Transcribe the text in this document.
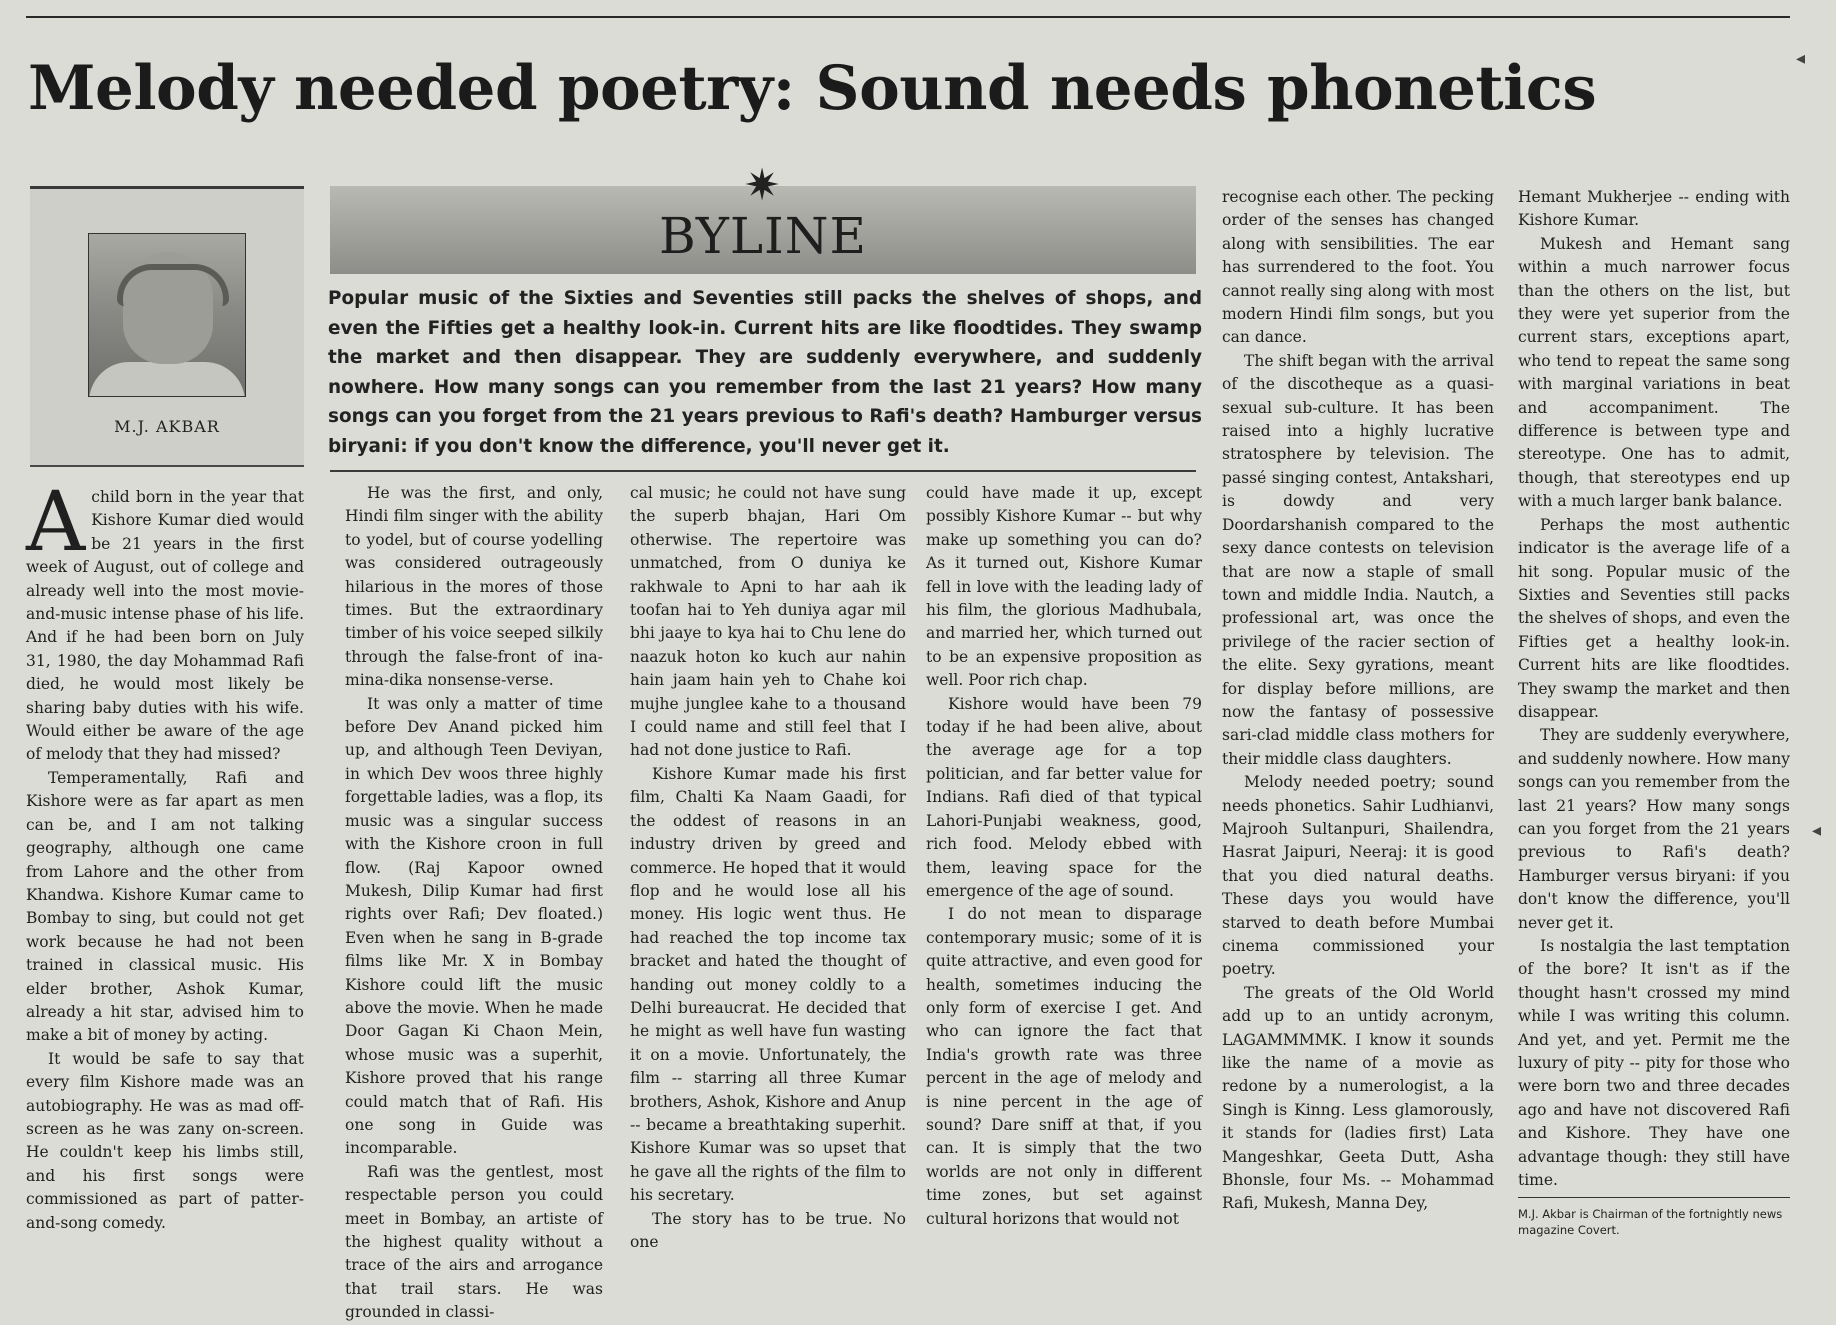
Melody needed poetry: Sound needs phonetics
M.J. AKBAR
✷
BYLINE
Popular music of the Sixties and Seventies still packs the shelves of shops, and even the Fifties get a healthy look-in. Current hits are like floodtides. They swamp the market and then disappear. They are suddenly everywhere, and suddenly nowhere. How many songs can you remember from the last 21 years? How many songs can you forget from the 21 years previous to Rafi's death? Hamburger versus biryani: if you don't know the difference, you'll never get it.

Achild born in the year that Kishore Kumar died would be 21 years in the first week of August, out of college and already well into the most movie-and-music intense phase of his life. And if he had been born on July 31, 1980, the day Mohammad Rafi died, he would most likely be sharing baby duties with his wife. Would either be aware of the age of melody that they had missed?

Temperamentally, Rafi and Kishore were as far apart as men can be, and I am not talking geography, although one came from Lahore and the other from Khandwa. Kishore Kumar came to Bombay to sing, but could not get work because he had not been trained in classical music. His elder brother, Ashok Kumar, already a hit star, advised him to make a bit of money by acting.

It would be safe to say that every film Kishore made was an autobiography. He was as mad off-screen as he was zany on-screen. He couldn't keep his limbs still, and his first songs were commissioned as part of patter-and-song comedy.

He was the first, and only, Hindi film singer with the ability to yodel, but of course yodelling was considered outrageously hilarious in the mores of those times. But the extraordinary timber of his voice seeped silkily through the false-front of ina-mina-dika nonsense-verse.

It was only a matter of time before Dev Anand picked him up, and although Teen Deviyan, in which Dev woos three highly forgettable ladies, was a flop, its music was a singular success with the Kishore croon in full flow. (Raj Kapoor owned Mukesh, Dilip Kumar had first rights over Rafi; Dev floated.) Even when he sang in B-grade films like Mr. X in Bombay Kishore could lift the music above the movie. When he made Door Gagan Ki Chaon Mein, whose music was a superhit, Kishore proved that his range could match that of Rafi. His one song in Guide was incomparable.

Rafi was the gentlest, most respectable person you could meet in Bombay, an artiste of the highest quality without a trace of the airs and arrogance that trail stars. He was grounded in classi-

cal music; he could not have sung the superb bhajan, Hari Om otherwise. The repertoire was unmatched, from O duniya ke rakhwale to Apni to har aah ik toofan hai to Yeh duniya agar mil bhi jaaye to kya hai to Chu lene do naazuk hoton ko kuch aur nahin hain jaam hain yeh to Chahe koi mujhe junglee kahe to a thousand I could name and still feel that I had not done justice to Rafi.

Kishore Kumar made his first film, Chalti Ka Naam Gaadi, for the oddest of reasons in an industry driven by greed and commerce. He hoped that it would flop and he would lose all his money. His logic went thus. He had reached the top income tax bracket and hated the thought of handing out money coldly to a Delhi bureaucrat. He decided that he might as well have fun wasting it on a movie. Unfortunately, the film -- starring all three Kumar brothers, Ashok, Kishore and Anup -- became a breathtaking superhit. Kishore Kumar was so upset that he gave all the rights of the film to his secretary.

The story has to be true. No one

could have made it up, except possibly Kishore Kumar -- but why make up something you can do? As it turned out, Kishore Kumar fell in love with the leading lady of his film, the glorious Madhubala, and married her, which turned out to be an expensive proposition as well. Poor rich chap.

Kishore would have been 79 today if he had been alive, about the average age for a top politician, and far better value for Indians. Rafi died of that typical Lahori-Punjabi weakness, good, rich food. Melody ebbed with them, leaving space for the emergence of the age of sound.

I do not mean to disparage contemporary music; some of it is quite attractive, and even good for health, sometimes inducing the only form of exercise I get. And who can ignore the fact that India's growth rate was three percent in the age of melody and is nine percent in the age of sound? Dare sniff at that, if you can. It is simply that the two worlds are not only in different time zones, but set against cultural horizons that would not

recognise each other. The pecking order of the senses has changed along with sensibilities. The ear has surrendered to the foot. You cannot really sing along with most modern Hindi film songs, but you can dance.

The shift began with the arrival of the discotheque as a quasi-sexual sub-culture. It has been raised into a highly lucrative stratosphere by television. The passé singing contest, Antakshari, is dowdy and very Doordarshanish compared to the sexy dance contests on television that are now a staple of small town and middle India. Nautch, a professional art, was once the privilege of the racier section of the elite. Sexy gyrations, meant for display before millions, are now the fantasy of possessive sari-clad middle class mothers for their middle class daughters.

Melody needed poetry; sound needs phonetics. Sahir Ludhianvi, Majrooh Sultanpuri, Shailendra, Hasrat Jaipuri, Neeraj: it is good that you died natural deaths. These days you would have starved to death before Mumbai cinema commissioned your poetry.

The greats of the Old World add up to an untidy acronym, LAGAMMMMK. I know it sounds like the name of a movie as redone by a numerologist, a la Singh is Kinng. Less glamorously, it stands for (ladies first) Lata Mangeshkar, Geeta Dutt, Asha Bhonsle, four Ms. -- Mohammad Rafi, Mukesh, Manna Dey,

Hemant Mukherjee -- ending with Kishore Kumar.

Mukesh and Hemant sang within a much narrower focus than the others on the list, but they were yet superior from the current stars, exceptions apart, who tend to repeat the same song with marginal variations in beat and accompaniment. The difference is between type and stereotype. One has to admit, though, that stereotypes end up with a much larger bank balance.

Perhaps the most authentic indicator is the average life of a hit song. Popular music of the Sixties and Seventies still packs the shelves of shops, and even the Fifties get a healthy look-in. Current hits are like floodtides. They swamp the market and then disappear.

They are suddenly everywhere, and suddenly nowhere. How many songs can you remember from the last 21 years? How many songs can you forget from the 21 years previous to Rafi's death? Hamburger versus biryani: if you don't know the difference, you'll never get it.

Is nostalgia the last temptation of the bore? It isn't as if the thought hasn't crossed my mind while I was writing this column. And yet, and yet. Permit me the luxury of pity -- pity for those who were born two and three decades ago and have not discovered Rafi and Kishore. They have one advantage though: they still have time.

M.J. Akbar is Chairman of the fortnightly news magazine Covert.
◂
◂
